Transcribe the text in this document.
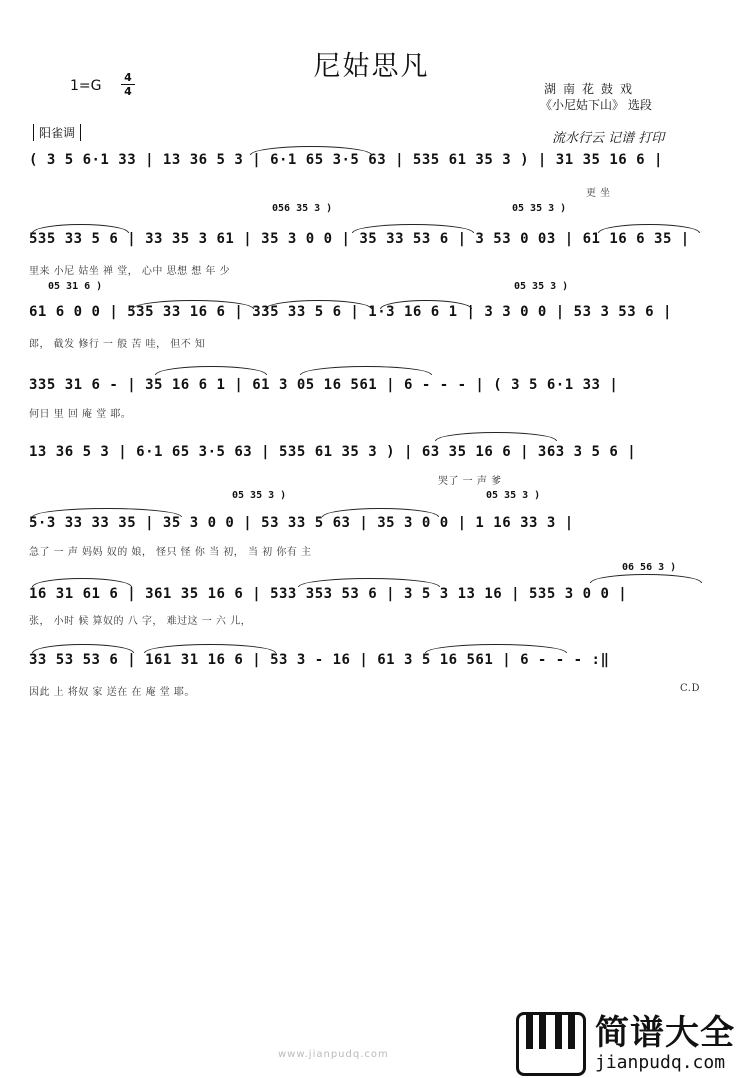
尼姑思凡
1=G
4
4	湖南花鼓戏
《小尼姑下山》 选段
阳雀调	流水行云 记谱 打印
( 3 5 6·1 33 | 13 36 5 3 | 6·1 65 3·5 63 | 535 61 35 3 ) | 31 35 16 6 |
更 坐
056 35 3 )	05 35 3 )
535 33 5 6 | 33 35 3 61 | 35 3 0 0 | 35 33 53 6 | 3 53 0 03 | 61 16 6 35 |
里来 小尼 姑坐 禅 堂， 心中 思想 想 年 少
05 31 6 )	05 35 3 )
61 6 0 0 | 535 33 16 6 | 335 33 5 6 | 1·3 16 6 1 | 3 3 0 0 | 53 3 53 6 |
郎， 截发 修行 一 般 苦 哇， 但不 知
335 31 6 - | 35 16 6 1 | 61 3 05 16 561 | 6 - - - | ( 3 5 6·1 33 |
何日 里 回 庵 堂 耶。
13 36 5 3 | 6·1 65 3·5 63 | 535 61 35 3 ) | 63 35 16 6 | 363 3 5 6 |
哭了 一 声 爹
05 35 3 )	05 35 3 )
5·3 33 33 35 | 35 3 0 0 | 53 33 5 63 | 35 3 0 0 | 1 16 33 3 |
急了 一 声 妈妈 奴的 娘， 怪只 怪 你 当 初， 当 初 你有 主
06 56 3 )
16 31 61 6 | 361 35 16 6 | 533 353 53 6 | 3 5 3 13 16 | 535 3 0 0 |
张， 小时 候 算奴的 八 字， 难过这 一 六 儿，
33 53 53 6 | 161 31 16 6 | 53 3 - 16 | 61 3 5 16 561 | 6 - - - :‖
因此 上 将奴 家 送在 在 庵 堂 耶。	C.D

简谱大全
jianpudq.com
www.jianpudq.com
